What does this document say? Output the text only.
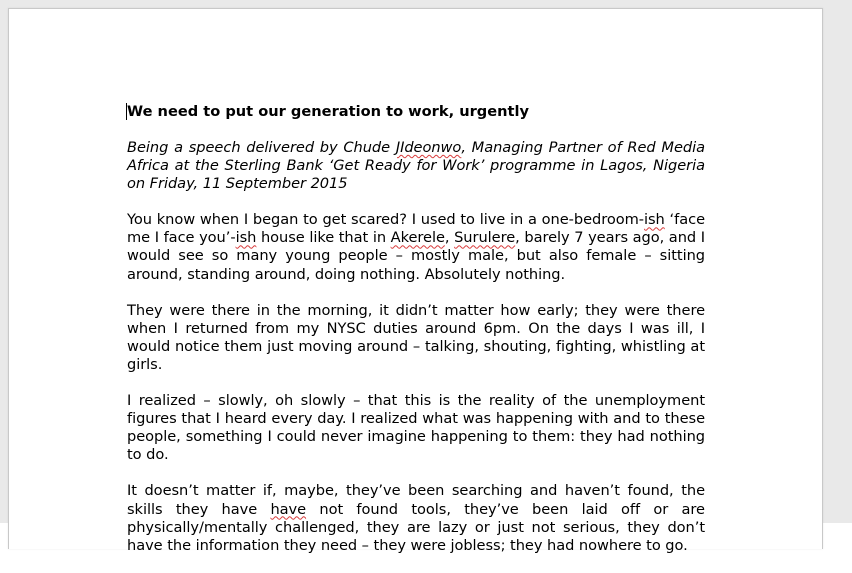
We need to put our generation to work, urgently

Being a speech delivered by Chude JIdeonwo, Managing Partner of Red Media Africa at the Sterling Bank ‘Get Ready for Work’ programme in Lagos, Nigeria on Friday, 11 September 2015

You know when I began to get scared? I used to live in a one-bedroom-ish ‘face me I face you’-ish house like that in Akerele, Surulere, barely 7 years ago, and I would see so many young people – mostly male, but also female – sitting around, standing around, doing nothing. Absolutely nothing.

They were there in the morning, it didn’t matter how early; they were there when I returned from my NYSC duties around 6pm. On the days I was ill, I would notice them just moving around – talking, shouting, fighting, whistling at girls.

I realized – slowly, oh slowly – that this is the reality of the unemployment figures that I heard every day. I realized what was happening with and to these people, something I could never imagine happening to them: they had nothing to do.

It doesn’t matter if, maybe, they’ve been searching and haven’t found, the skills they have have not found tools, they’ve been laid off or are physically/mentally challenged, they are lazy or just not serious, they don’t have the information they need – they were jobless; they had nowhere to go.
